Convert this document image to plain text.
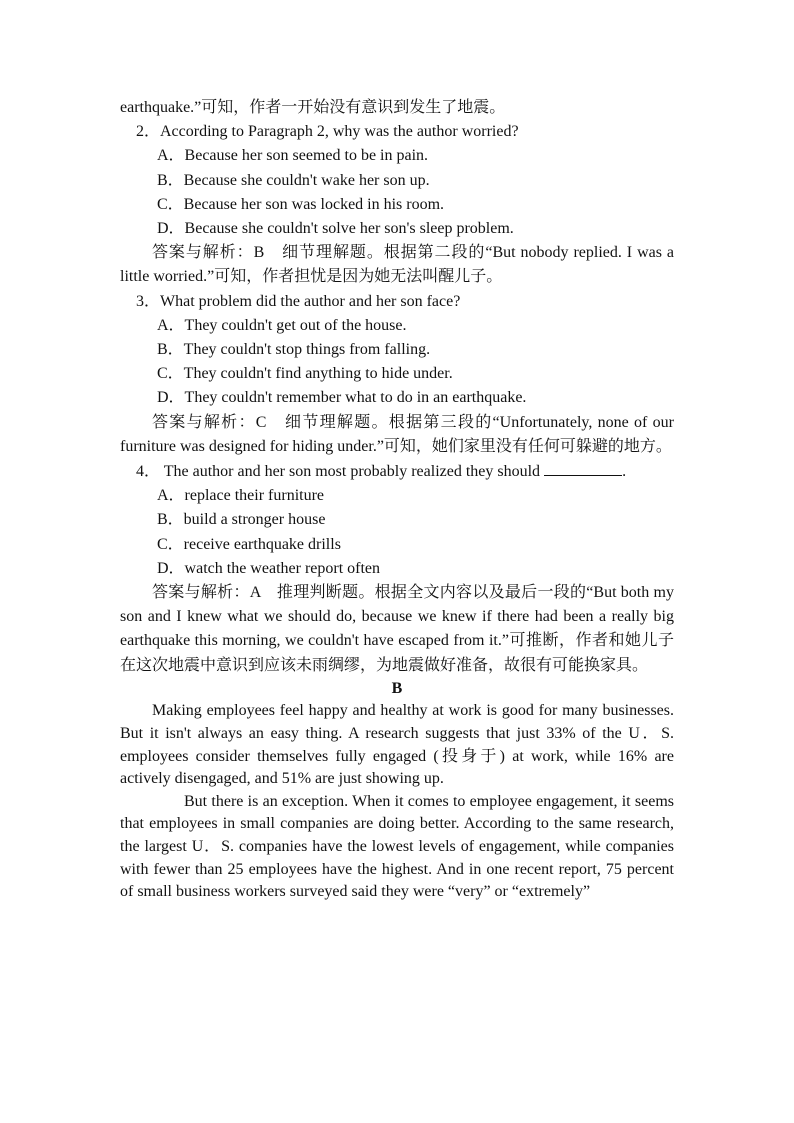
earthquake.”可知，作者一开始没有意识到发生了地震。

2．According to Paragraph 2, why was the author worried?

A．Because her son seemed to be in pain.

B．Because she couldn't wake her son up.

C．Because her son was locked in his room.

D．Because she couldn't solve her son's sleep problem.

答案与解析：B　细节理解题。根据第二段的“But nobody replied. I was a little worried.”可知，作者担忧是因为她无法叫醒儿子。

3．What problem did the author and her son face?

A．They couldn't get out of the house.

B．They couldn't stop things from falling.

C．They couldn't find anything to hide under.

D．They couldn't remember what to do in an earthquake.

答案与解析：C　细节理解题。根据第三段的“Unfortunately, none of our furniture was designed for hiding under.”可知，她们家里没有任何可躲避的地方。

4． The author and her son most probably realized they should	.

A．replace their furniture

B．build a stronger house

C．receive earthquake drills

D．watch the weather report often

答案与解析：A　推理判断题。根据全文内容以及最后一段的“But both my son and I knew what we should do, because we knew if there had been a really big earthquake this morning, we couldn't have escaped from it.”可推断，作者和她儿子在这次地震中意识到应该未雨绸缪，为地震做好准备，故很有可能换家具。

B

Making employees feel happy and healthy at work is good for many businesses. But it isn't always an easy thing. A research suggests that just 33% of the U．S. employees consider themselves fully engaged (投身于) at work, while 16% are actively disengaged, and 51% are just showing up.

But there is an exception. When it comes to employee engagement, it seems that employees in small companies are doing better. According to the same research, the largest U．S. companies have the lowest levels of engagement, while companies with fewer than 25 employees have the highest. And in one recent report, 75 percent of small business workers surveyed said they were “very” or “extremely”
